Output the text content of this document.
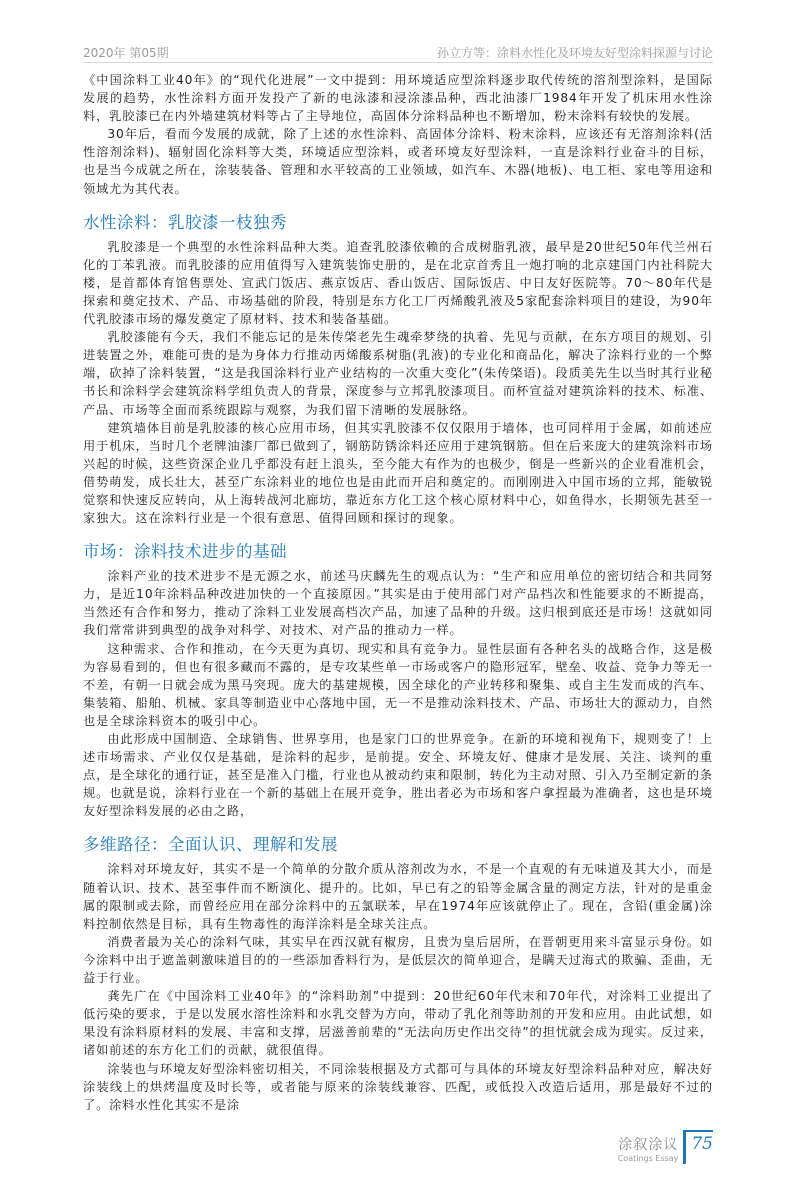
2020年 第05期	孙立方等：涂料水性化及环境友好型涂料探源与讨论

《中国涂料工业40年》的“现代化进展”一文中提到：用环境适应型涂料逐步取代传统的溶剂型涂料，是国际发展的趋势，水性涂料方面开发投产了新的电泳漆和浸涂漆品种，西北油漆厂1984年开发了机床用水性涂料，乳胶漆已在内外墙建筑材料等占了主导地位，高固体分涂料品种也不断增加，粉末涂料有较快的发展。

30年后，看而今发展的成就，除了上述的水性涂料、高固体分涂料、粉末涂料，应该还有无溶剂涂料(活性溶剂涂料)、辐射固化涂料等大类，环境适应型涂料，或者环境友好型涂料，一直是涂料行业奋斗的目标，也是当今成就之所在，涂装装备、管理和水平较高的工业领域，如汽车、木器(地板)、电工柜、家电等用途和领域尤为其代表。

水性涂料：乳胶漆一枝独秀

乳胶漆是一个典型的水性涂料品种大类。追查乳胶漆依赖的合成树脂乳液，最早是20世纪50年代兰州石化的丁苯乳液。而乳胶漆的应用值得写入建筑装饰史册的，是在北京首秀且一炮打响的北京建国门内社科院大楼，是首都体育馆售票处、宣武门饭店、燕京饭店、香山饭店、国际饭店、中日友好医院等。70～80年代是探索和奠定技术、产品、市场基础的阶段，特别是东方化工厂丙烯酸乳液及5家配套涂料项目的建设，为90年代乳胶漆市场的爆发奠定了原材料、技术和装备基础。

乳胶漆能有今天，我们不能忘记的是朱传棨老先生魂牵梦绕的执着、先见与贡献，在东方项目的规划、引进装置之外，难能可贵的是为身体力行推动丙烯酸系树脂(乳液)的专业化和商品化，解决了涂料行业的一个弊端，砍掉了涂料装置，“这是我国涂料行业产业结构的一次重大变化”(朱传棨语)。段质美先生以当时其行业秘书长和涂料学会建筑涂料学组负责人的背景，深度参与立邦乳胶漆项目。而杯宣益对建筑涂料的技术、标准、产品、市场等全面而系统跟踪与观察，为我们留下清晰的发展脉络。

建筑墙体目前是乳胶漆的核心应用市场，但其实乳胶漆不仅仅限用于墙体，也可同样用于金属，如前述应用于机床，当时几个老牌油漆厂都已做到了，钢筋防锈涂料还应用于建筑钢筋。但在后来庞大的建筑涂料市场兴起的时候，这些资深企业几乎都没有赶上浪头，至今能大有作为的也极少，倒是一些新兴的企业看准机会，借势萌发，成长壮大，甚至广东涂料业的地位也是由此而开启和奠定的。而刚刚进入中国市场的立邦，能敏锐觉察和快速反应转向，从上海转战河北廊坊，靠近东方化工这个核心原材料中心，如鱼得水，长期领先甚至一家独大。这在涂料行业是一个很有意思、值得回顾和探讨的现象。

市场：涂料技术进步的基础

涂料产业的技术进步不是无源之水，前述马庆麟先生的观点认为：“生产和应用单位的密切结合和共同努力，是近10年涂料品种改进加快的一个直接原因。”其实是由于使用部门对产品档次和性能要求的不断提高，当然还有合作和努力，推动了涂料工业发展高档次产品，加速了品种的升级。这归根到底还是市场！这就如同我们常常讲到典型的战争对科学、对技术、对产品的推动力一样。

这种需求、合作和推动，在今天更为真切、现实和具有竞争力。显性层面有各种名头的战略合作，这是极为容易看到的，但也有很多藏而不露的，是专攻某些单一市场或客户的隐形冠军，壁垒、收益、竞争力等无一不差，有朝一日就会成为黑马突现。庞大的基建规模，因全球化的产业转移和聚集、或自主生发而成的汽车、集装箱、船舶、机械、家具等制造业中心落地中国，无一不是推动涂料技术、产品、市场壮大的源动力，自然也是全球涂料资本的吸引中心。

由此形成中国制造、全球销售、世界享用，也是家门口的世界竞争。在新的环境和视角下，规则变了！上述市场需求、产业仅仅是基础，是涂料的起步，是前提。安全、环境友好、健康才是发展、关注、谈判的重点，是全球化的通行证，甚至是准入门槛，行业也从被动约束和限制，转化为主动对照、引入乃至制定新的条规。也就是说，涂料行业在一个新的基础上在展开竞争，胜出者必为市场和客户拿捏最为准确者，这也是环境友好型涂料发展的必由之路，

多维路径：全面认识、理解和发展

涂料对环境友好，其实不是一个简单的分散介质从溶剂改为水，不是一个直观的有无味道及其大小，而是随着认识、技术、甚至事件而不断演化、提升的。比如，早已有之的铅等金属含量的测定方法，针对的是重金属的限制或去除，而曾经应用在部分涂料中的五氯联苯，早在1974年应该就停止了。现在，含铅(重金属)涂料控制依然是目标，具有生物毒性的海洋涂料是全球关注点。

消费者最为关心的涂料气味，其实早在西汉就有椒房，且贵为皇后居所，在晋朝更用来斗富显示身份。如今涂料中出于遮盖刺激味道目的的一些添加香料行为，是低层次的简单迎合，是瞒天过海式的欺骗、歪曲，无益于行业。

龚先广在《中国涂料工业40年》的“涂料助剂”中提到：20世纪60年代末和70年代，对涂料工业提出了低污染的要求，于是以发展水溶性涂料和水乳交替为方向，带动了乳化剂等助剂的开发和应用。由此试想，如果没有涂料原材料的发展、丰富和支撑，居滋善前辈的“无法向历史作出交待”的担忧就会成为现实。反过来，诸如前述的东方化工们的贡献，就很值得。

涂装也与环境友好型涂料密切相关，不同涂装根据及方式都可与具体的环境友好型涂料品种对应，解决好涂装线上的烘烤温度及时长等，或者能与原来的涂装线兼容、匹配，或低投入改造后适用，那是最好不过的了。涂料水性化其实不是涂

涂叙涂议
Coatings Essay
75
